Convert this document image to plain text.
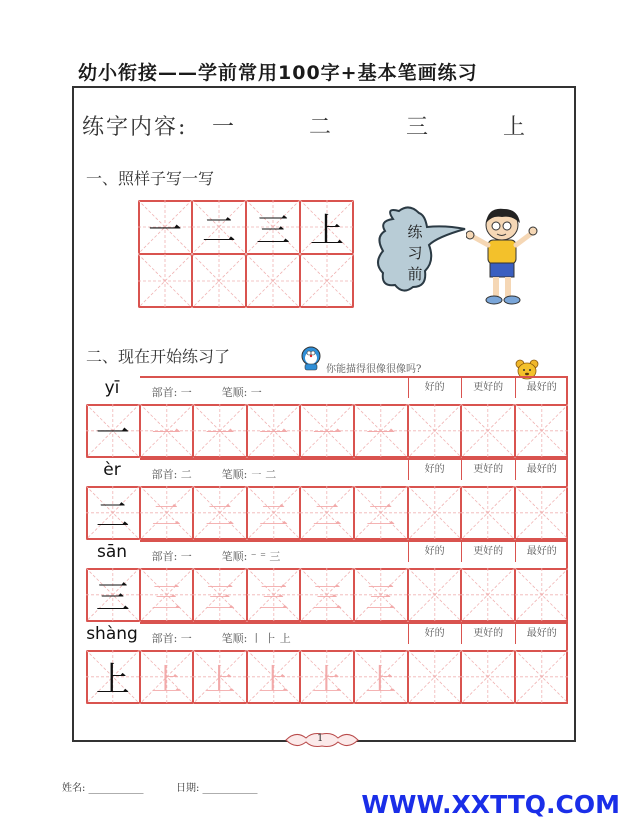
幼小衔接——学前常用100字+基本笔画练习
练字内容: 一 二 三 上
一、照样子写一写
一 二 三 上	练习前
二、现在开始练习了
你能描得很像很像吗?
yī	部首: 一	笔顺: 一	好的	更好的	最好的
一 一 一 一 一 一
èr	部首: 二	笔顺: ㇐ 二	好的	更好的	最好的
二 二 二 二 二 二
sān	部首: 一	笔顺: ⁻ ⁼ 三	好的	更好的	最好的
三 三 三 三 三 三
shàng 部首: 一	笔顺: ㇑ ⺊ 上	好的	更好的	最好的
上 上 上 上 上 上
1
姓名: ___________	日期: ___________
WWW.XXTTQ.COM
